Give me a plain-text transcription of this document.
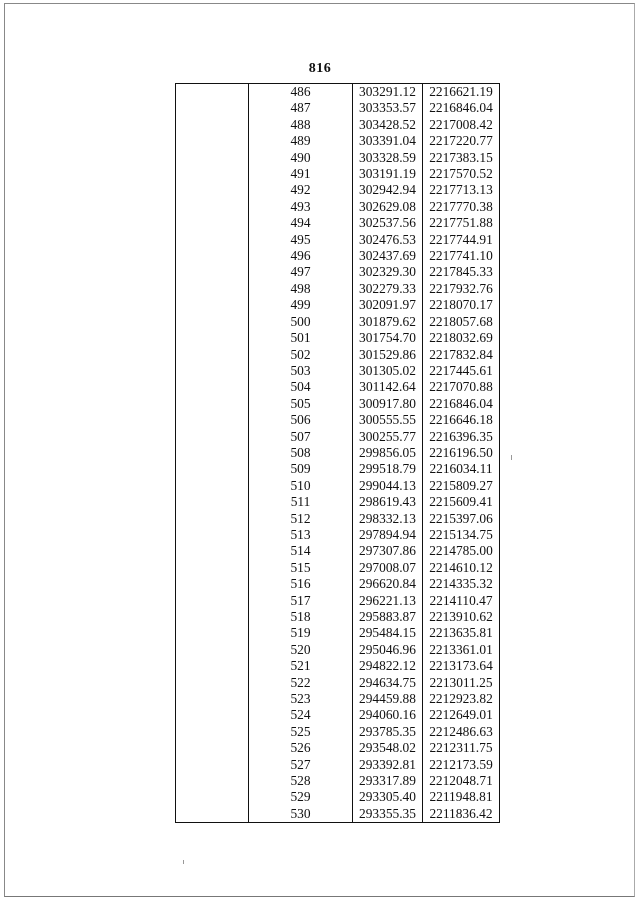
816
	486	303291.12	2216621.19
	487	303353.57	2216846.04
	488	303428.52	2217008.42
	489	303391.04	2217220.77
	490	303328.59	2217383.15
	491	303191.19	2217570.52
	492	302942.94	2217713.13
	493	302629.08	2217770.38
	494	302537.56	2217751.88
	495	302476.53	2217744.91
	496	302437.69	2217741.10
	497	302329.30	2217845.33
	498	302279.33	2217932.76
	499	302091.97	2218070.17
	500	301879.62	2218057.68
	501	301754.70	2218032.69
	502	301529.86	2217832.84
	503	301305.02	2217445.61
	504	301142.64	2217070.88
	505	300917.80	2216846.04
	506	300555.55	2216646.18
	507	300255.77	2216396.35
	508	299856.05	2216196.50
	509	299518.79	2216034.11
	510	299044.13	2215809.27
	511	298619.43	2215609.41
	512	298332.13	2215397.06
	513	297894.94	2215134.75
	514	297307.86	2214785.00
	515	297008.07	2214610.12
	516	296620.84	2214335.32
	517	296221.13	2214110.47
	518	295883.87	2213910.62
	519	295484.15	2213635.81
	520	295046.96	2213361.01
	521	294822.12	2213173.64
	522	294634.75	2213011.25
	523	294459.88	2212923.82
	524	294060.16	2212649.01
	525	293785.35	2212486.63
	526	293548.02	2212311.75
	527	293392.81	2212173.59
	528	293317.89	2212048.71
	529	293305.40	2211948.81
	530	293355.35	2211836.42
